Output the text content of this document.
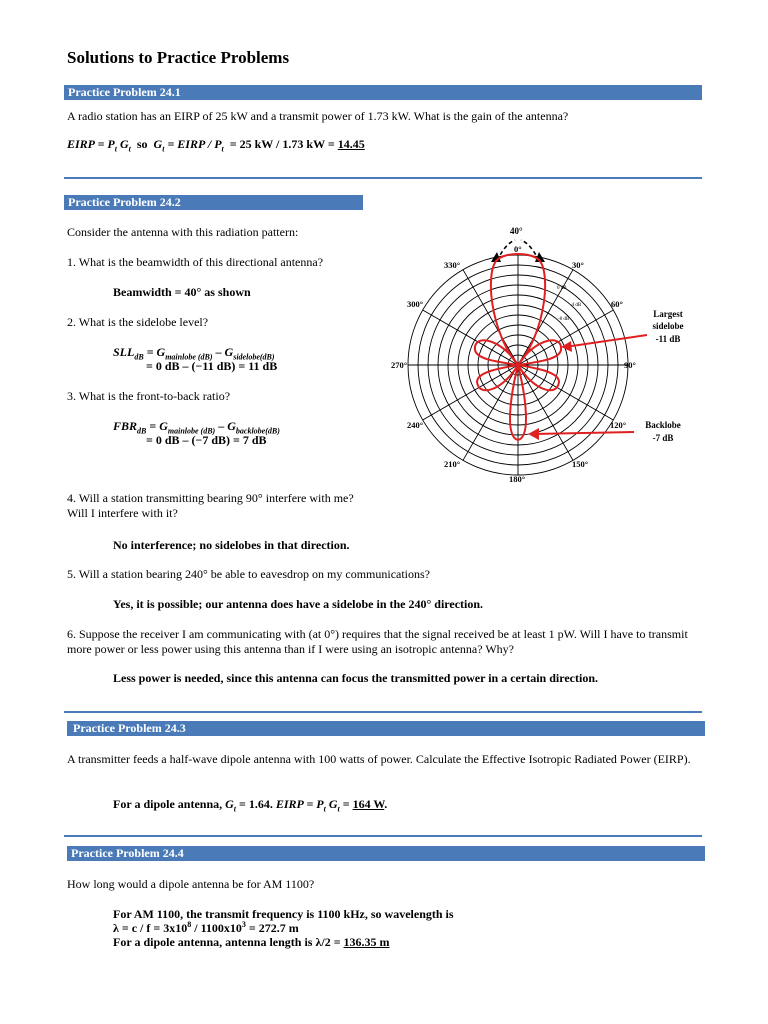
Solutions to Practice Problems
Practice Problem 24.1
A radio station has an EIRP of 25 kW and a transmit power of 1.73 kW. What is the gain of the antenna?
EIRP = $P_t$ $G_t$  so  $G_t$ = EIRP / $P_t = 25$ kW / 1.73 kW = 14.45
Practice Problem 24.2
Consider the antenna with this radiation pattern:
1. What is the beamwidth of this directional antenna?
Beamwidth = 40° as shown
2. What is the sidelobe level?
$SLL_{dB} = G_{mainlobe (dB)} - G_{sidelobe(dB)}$
= 0 dB – (−11 dB) = 11 dB
3. What is the front-to-back ratio?
$FBR_{dB} = G_{mainlobe (dB)} - G_{backlobe(dB)}$
= 0 dB – (−7 dB) = 7 dB
40°
0°
30°
60°
90°
120°
150°
180°
210°
240°
270°
300°
330°
0 dB
-4 dB
-8 dB
Largest
sidelobe
-11 dB
Backlobe
-7 dB
4. Will a station transmitting bearing 90° interfere with me?
Will I interfere with it?
No interference; no sidelobes in that direction.
5. Will a station bearing 240° be able to eavesdrop on my communications?
Yes, it is possible; our antenna does have a sidelobe in the 240° direction.
6. Suppose the receiver I am communicating with (at 0°) requires that the signal received be at least 1 pW. Will I have to transmit more power or less power using this antenna than if I were using an isotropic antenna? Why?
Less power is needed, since this antenna can focus the transmitted power in a certain direction.
Practice Problem 24.3
A transmitter feeds a half-wave dipole antenna with 100 watts of power. Calculate the Effective Isotropic Radiated Power (EIRP).
For a dipole antenna, $G_t = 1.64$. EIRP = $P_t$ $G_t = 164$ W.
Practice Problem 24.4
How long would a dipole antenna be for AM 1100?
For AM 1100, the transmit frequency is 1100 kHz, so wavelength is
$\lambda = c / f = 3x10^8 / 1100x10^3 = 272.7$ m
For a dipole antenna, antenna length is λ/2 = 136.35 m
